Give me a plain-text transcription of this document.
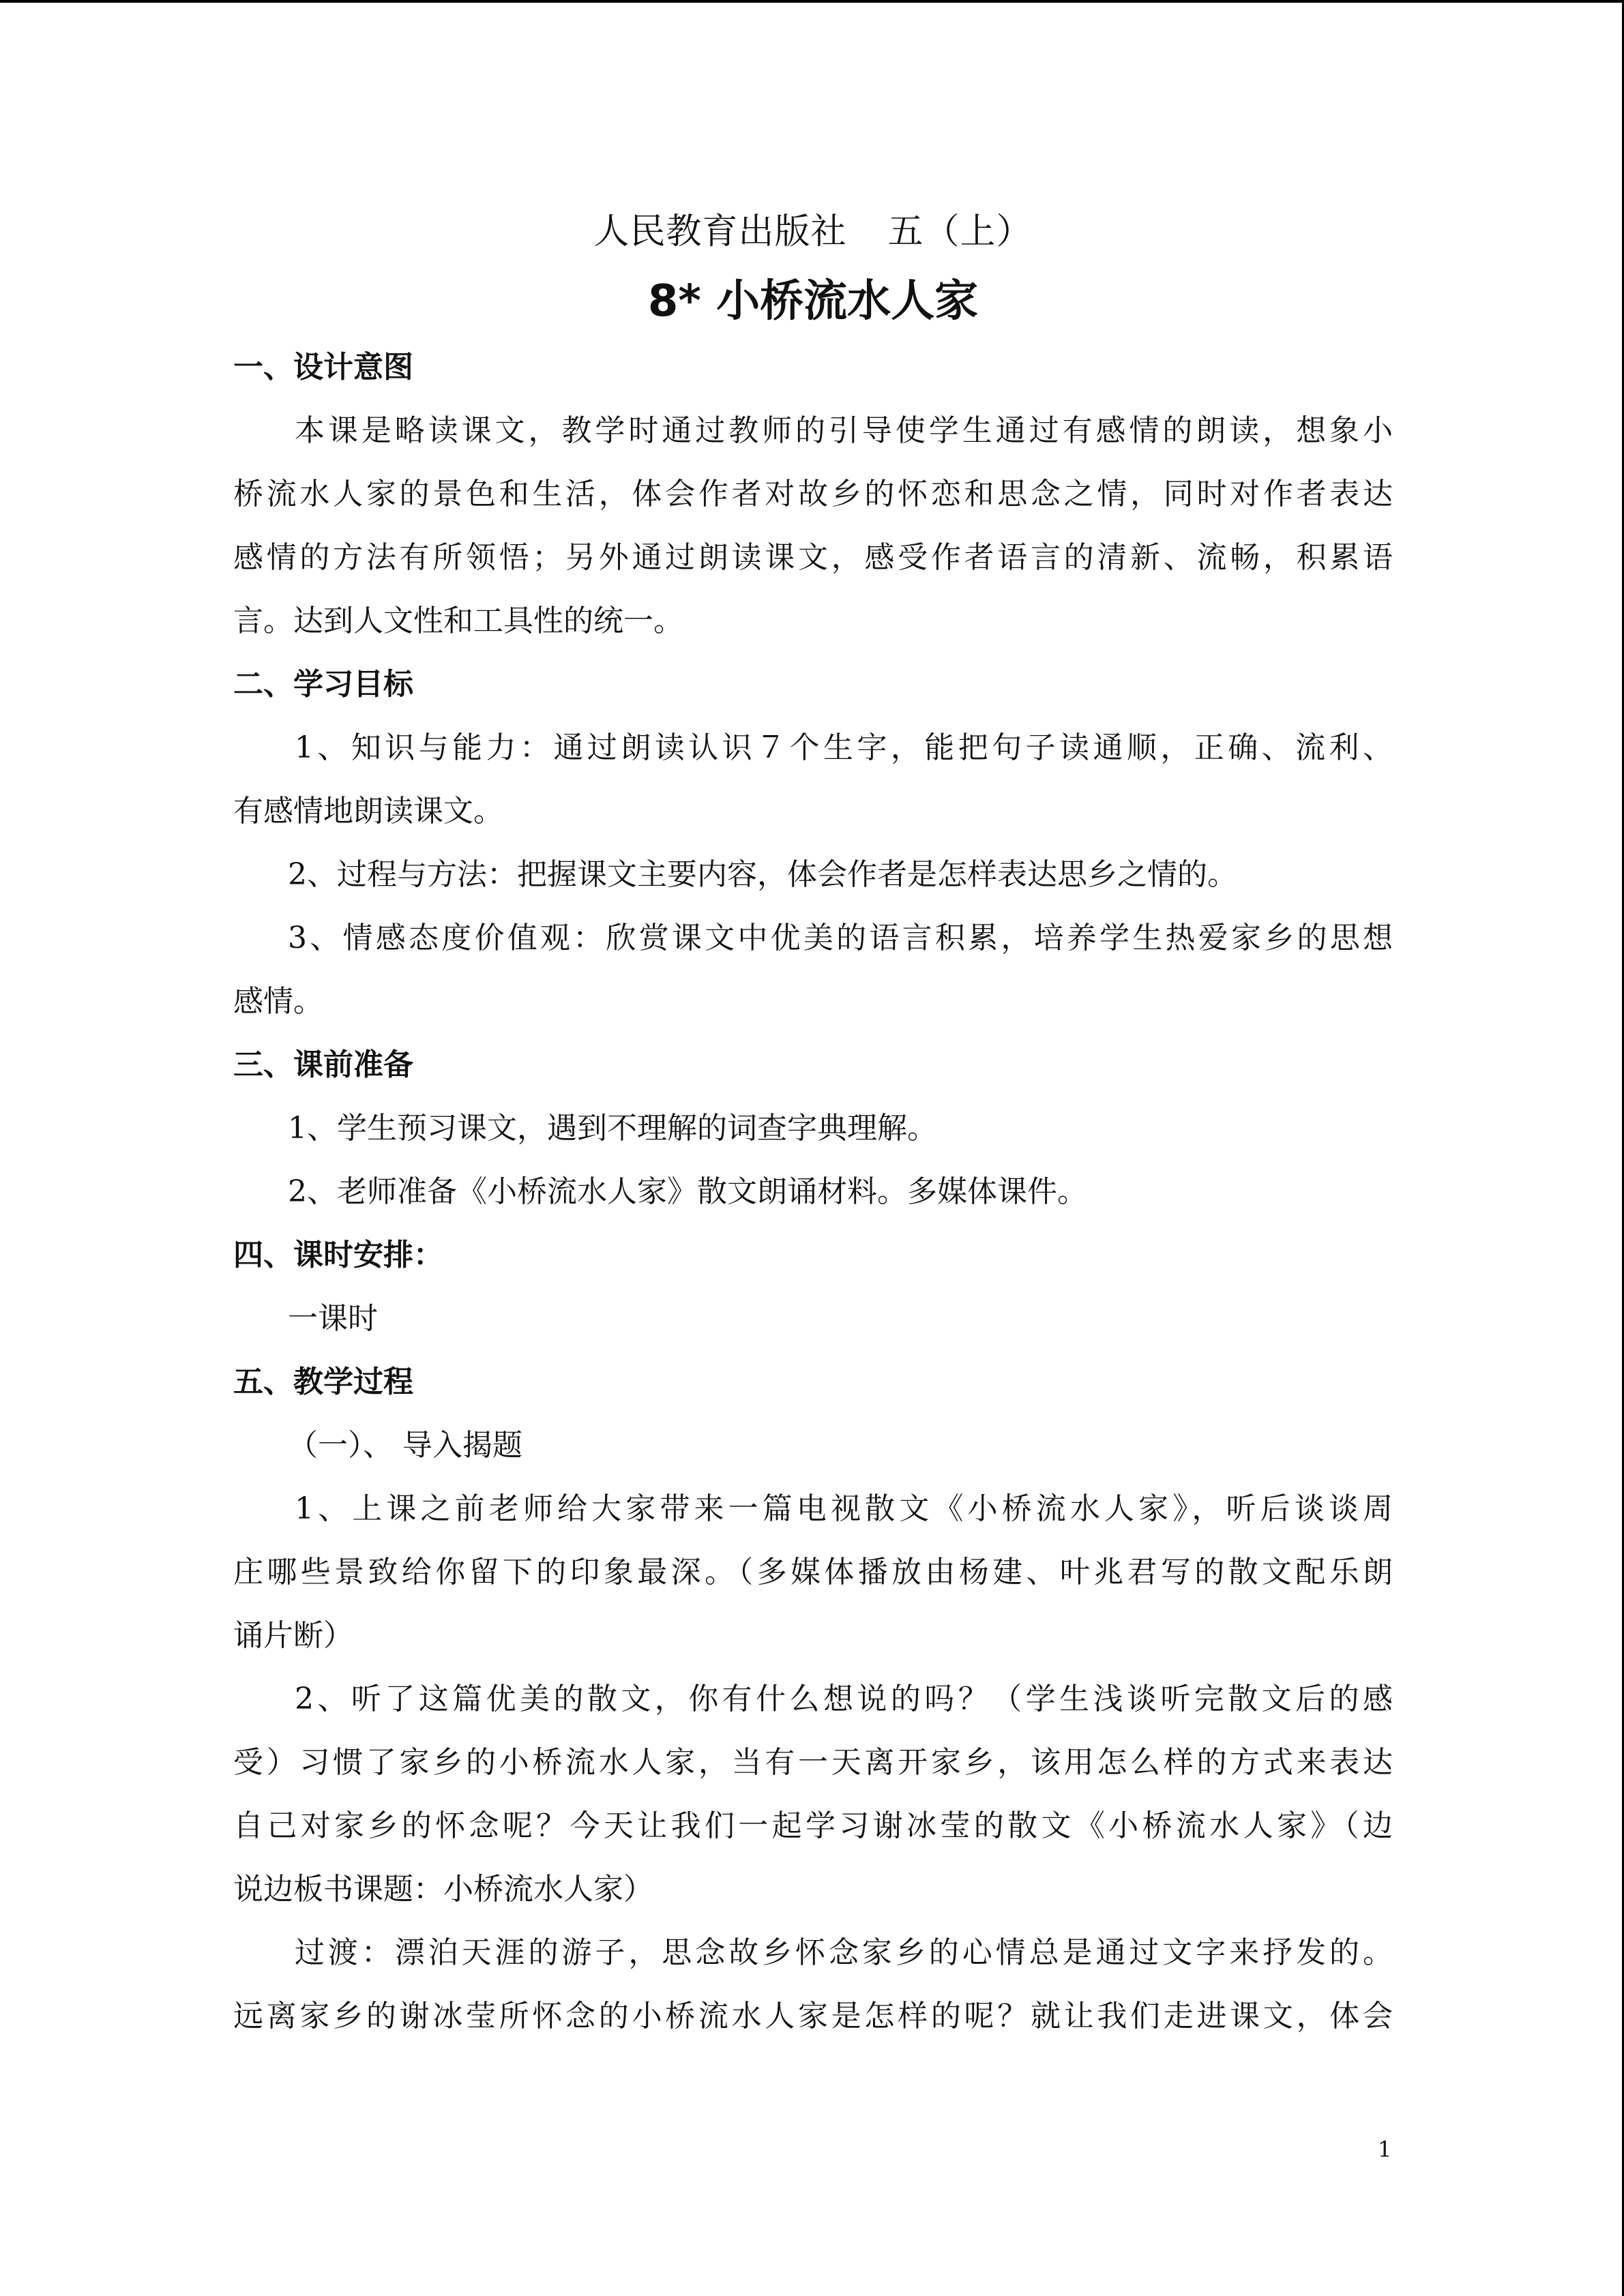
人民教育出版社 五（上）

8* 小桥流水人家

一、设计意图

本课是略读课文，教学时通过教师的引导使学生通过有感情的朗读，想象小

桥流水人家的景色和生活，体会作者对故乡的怀恋和思念之情，同时对作者表达

感情的方法有所领悟；另外通过朗读课文，感受作者语言的清新、流畅，积累语

言。达到人文性和工具性的统一。

二、学习目标

1、知识与能力：通过朗读认识７个生字，能把句子读通顺，正确、流利、

有感情地朗读课文。

2、过程与方法：把握课文主要内容，体会作者是怎样表达思乡之情的。

3、情感态度价值观：欣赏课文中优美的语言积累，培养学生热爱家乡的思想

感情。

三、课前准备

1、学生预习课文，遇到不理解的词查字典理解。

2、老师准备《小桥流水人家》散文朗诵材料。多媒体课件。

四、课时安排：

一课时

五、教学过程

（一）、 导入揭题

1、上课之前老师给大家带来一篇电视散文《小桥流水人家》，听后谈谈周

庄哪些景致给你留下的印象最深。（多媒体播放由杨建、叶兆君写的散文配乐朗

诵片断）

2、听了这篇优美的散文，你有什么想说的吗？（学生浅谈听完散文后的感

受）习惯了家乡的小桥流水人家，当有一天离开家乡，该用怎么样的方式来表达

自己对家乡的怀念呢？今天让我们一起学习谢冰莹的散文《小桥流水人家》（边

说边板书课题：小桥流水人家）

过渡：漂泊天涯的游子，思念故乡怀念家乡的心情总是通过文字来抒发的。

远离家乡的谢冰莹所怀念的小桥流水人家是怎样的呢？就让我们走进课文，体会

1
